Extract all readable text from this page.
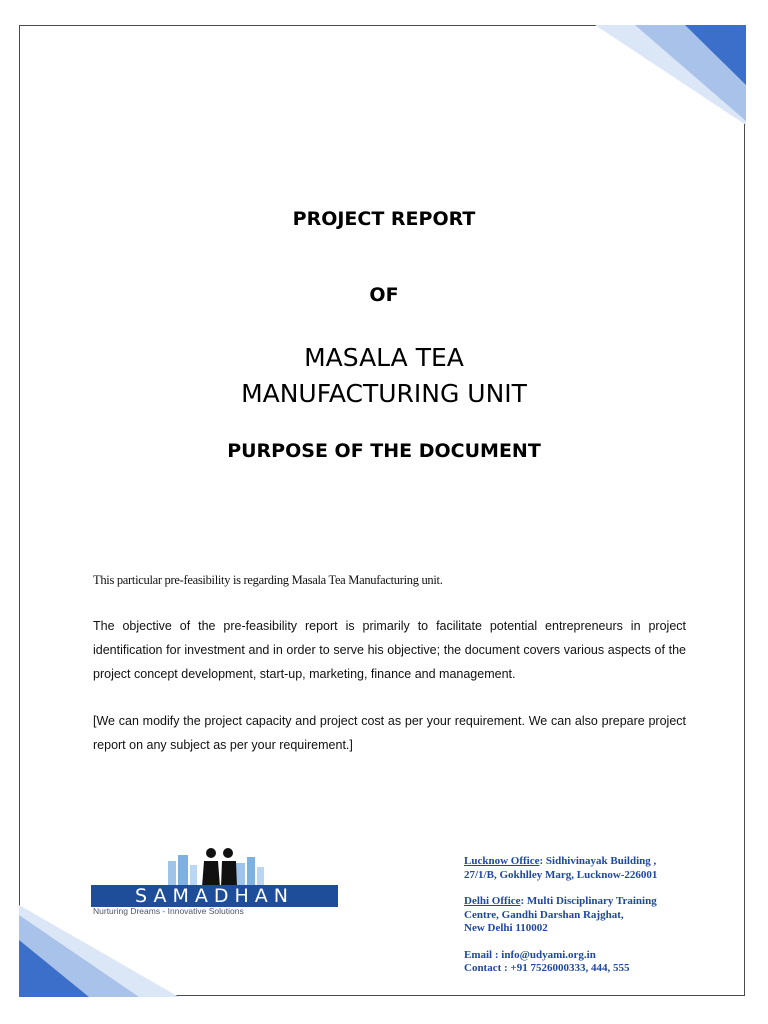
PROJECT REPORT
OF
MASALA TEA
MANUFACTURING UNIT
PURPOSE OF THE DOCUMENT

This particular pre-feasibility is regarding Masala Tea Manufacturing unit.

The objective of the pre-feasibility report is primarily to facilitate potential entrepreneurs in project identification for investment and in order to serve his objective; the document covers various aspects of the project concept development, start-up, marketing, finance and management.

[We can modify the project capacity and project cost as per your requirement. We can also prepare project report on any subject as per your requirement.]

SAMADHAN
Nurturing Dreams - Innovative Solutions
Lucknow Office: Sidhivinayak Building ,
27/1/B, Gokhlley Marg, Lucknow-226001
Delhi Office: Multi Disciplinary Training
Centre, Gandhi Darshan Rajghat,
New Delhi 110002
Email : info@udyami.org.in
Contact : +91 7526000333, 444, 555
